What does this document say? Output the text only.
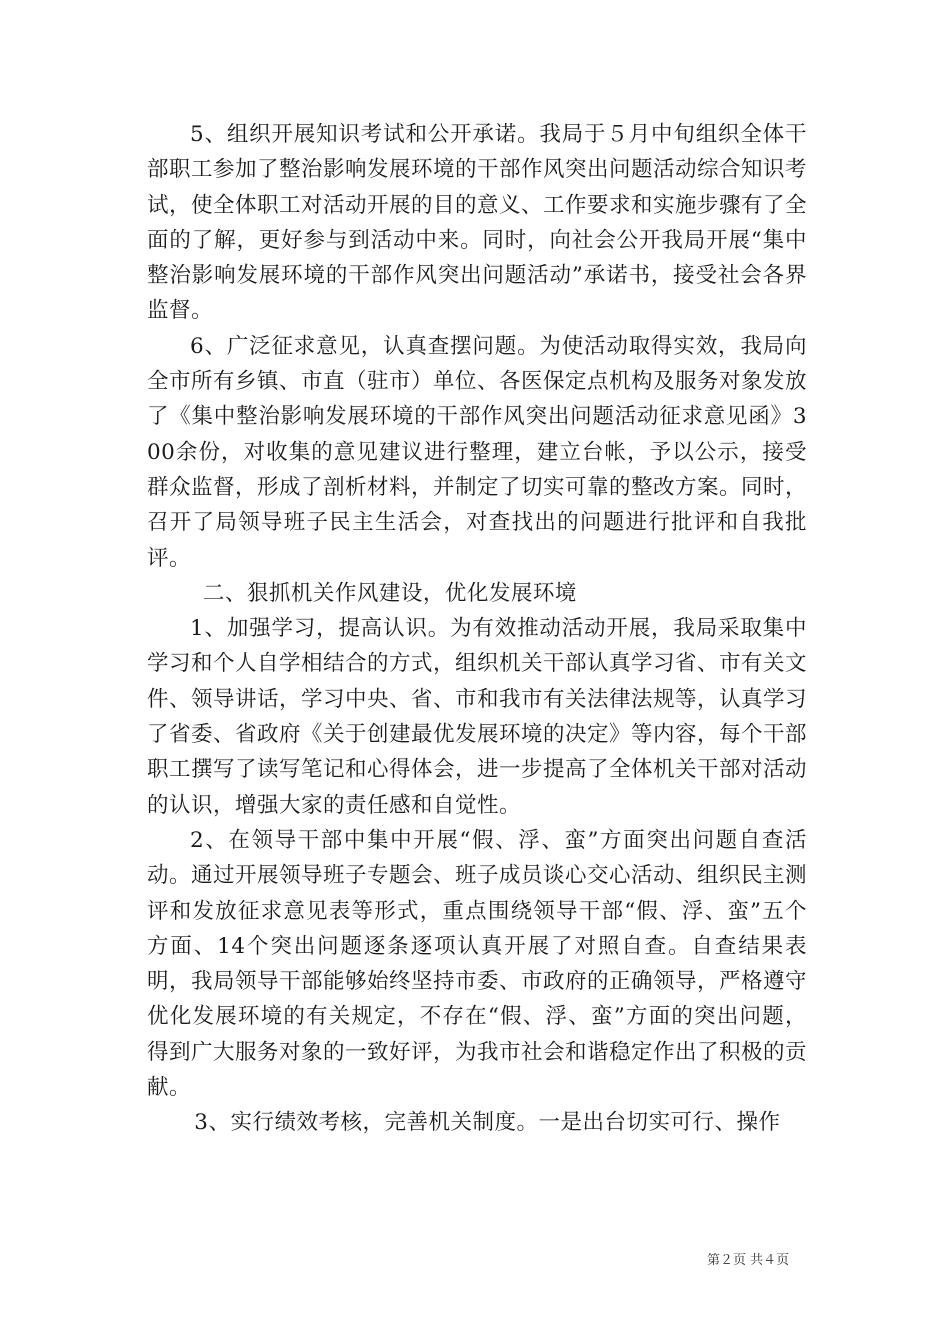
5、组织开展知识考试和公开承诺。我局于５月中旬组织全体干部职工参加了整治影响发展环境的干部作风突出问题活动综合知识考试，使全体职工对活动开展的目的意义、工作要求和实施步骤有了全面的了解，更好参与到活动中来。同时，向社会公开我局开展“集中整治影响发展环境的干部作风突出问题活动”承诺书，接受社会各界监督。

6、广泛征求意见，认真查摆问题。为使活动取得实效，我局向全市所有乡镇、市直（驻市）单位、各医保定点机构及服务对象发放了《集中整治影响发展环境的干部作风突出问题活动征求意见函》300余份，对收集的意见建议进行整理，建立台帐，予以公示，接受群众监督，形成了剖析材料，并制定了切实可靠的整改方案。同时，召开了局领导班子民主生活会，对查找出的问题进行批评和自我批评。

二、狠抓机关作风建设，优化发展环境

1、加强学习，提高认识。为有效推动活动开展，我局采取集中学习和个人自学相结合的方式，组织机关干部认真学习省、市有关文件、领导讲话，学习中央、省、市和我市有关法律法规等，认真学习了省委、省政府《关于创建最优发展环境的决定》等内容，每个干部职工撰写了读写笔记和心得体会，进一步提高了全体机关干部对活动的认识，增强大家的责任感和自觉性。

2、在领导干部中集中开展“假、浮、蛮”方面突出问题自查活动。通过开展领导班子专题会、班子成员谈心交心活动、组织民主测评和发放征求意见表等形式，重点围绕领导干部“假、浮、蛮”五个方面、14个突出问题逐条逐项认真开展了对照自查。自查结果表明，我局领导干部能够始终坚持市委、市政府的正确领导，严格遵守优化发展环境的有关规定，不存在“假、浮、蛮”方面的突出问题，得到广大服务对象的一致好评，为我市社会和谐稳定作出了积极的贡献。

3、实行绩效考核，完善机关制度。一是出台切实可行、操作

第２页 共４页
